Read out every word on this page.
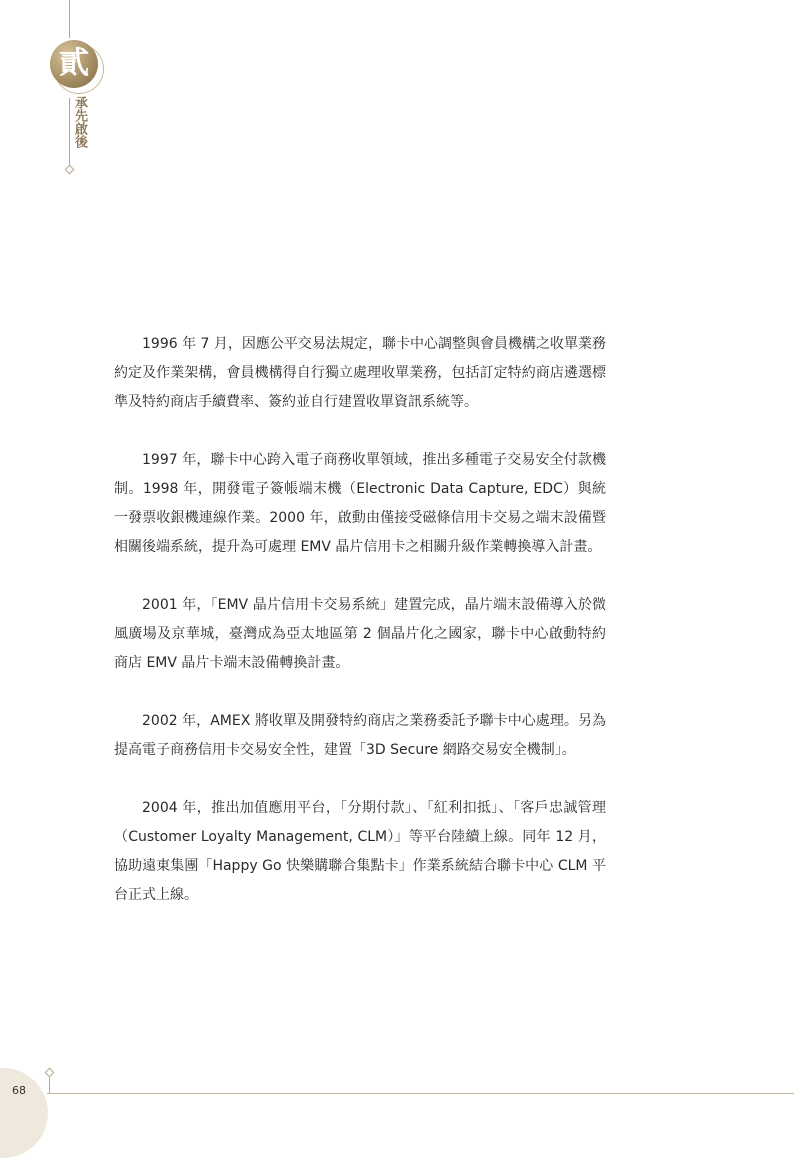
貳
承先啟後

1996 年 7 月，因應公平交易法規定，聯卡中心調整與會員機構之收單業務約定及作業架構，會員機構得自行獨立處理收單業務，包括訂定特約商店遴選標準及特約商店手續費率、簽約並自行建置收單資訊系統等。

1997 年，聯卡中心跨入電子商務收單領域，推出多種電子交易安全付款機制。1998 年，開發電子簽帳端末機（Electronic Data Capture, EDC）與統一發票收銀機連線作業。2000 年，啟動由僅接受磁條信用卡交易之端末設備暨相關後端系統，提升為可處理 EMV 晶片信用卡之相關升級作業轉換導入計畫。

2001 年，「EMV 晶片信用卡交易系統」建置完成，晶片端末設備導入於微風廣場及京華城，臺灣成為亞太地區第 2 個晶片化之國家，聯卡中心啟動特約商店 EMV 晶片卡端末設備轉換計畫。

2002 年，AMEX 將收單及開發特約商店之業務委託予聯卡中心處理。另為提高電子商務信用卡交易安全性，建置「3D Secure 網路交易安全機制」。

2004 年，推出加值應用平台，「分期付款」、「紅利扣抵」、「客戶忠誠管理（Customer Loyalty Management, CLM）」等平台陸續上線。同年 12 月，協助遠東集團「Happy Go 快樂購聯合集點卡」作業系統結合聯卡中心 CLM 平台正式上線。

68
